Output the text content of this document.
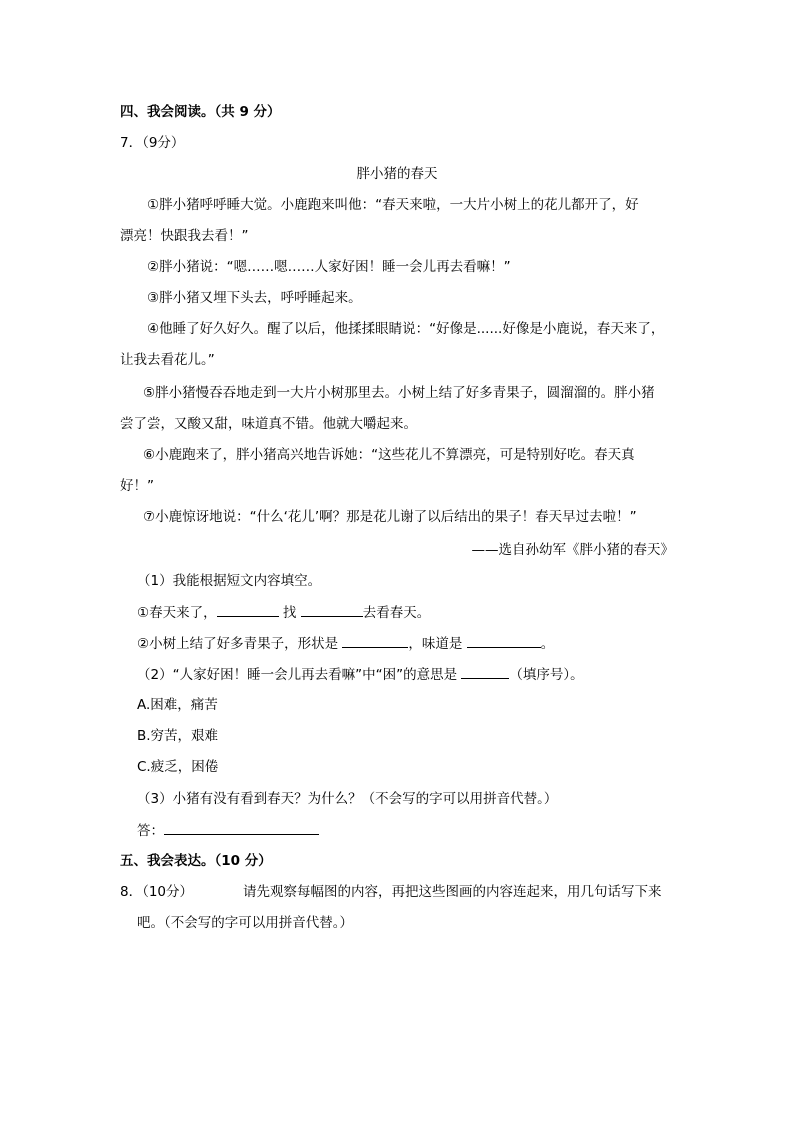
四、我会阅读。（共 9 分）
7．（9分）
胖小猪的春天
①胖小猪呼呼睡大觉。小鹿跑来叫他：“春天来啦，一大片小树上的花儿都开了，好
漂亮！快跟我去看！”
②胖小猪说：“嗯……嗯……人家好困！睡一会儿再去看嘛！”
③胖小猪又埋下头去，呼呼睡起来。
④他睡了好久好久。醒了以后，他揉揉眼睛说：“好像是......好像是小鹿说，春天来了，
让我去看花儿。”
⑤胖小猪慢吞吞地走到一大片小树那里去。小树上结了好多青果子，圆溜溜的。胖小猪
尝了尝，又酸又甜，味道真不错。他就大嚼起来。
⑥小鹿跑来了，胖小猪高兴地告诉她：“这些花儿不算漂亮，可是特别好吃。春天真
好！”
⑦小鹿惊讶地说：“什么‘花儿’啊？那是花儿谢了以后结出的果子！春天早过去啦！”
——选自孙幼军《胖小猪的春天》
（1）我能根据短文内容填空。
①春天来了，	找	去看春天。
②小树上结了好多青果子，形状是	，味道是	。
（2）“人家好困！睡一会儿再去看嘛”中“困”的意思是	（填序号）。
A.困难，痛苦
B.穷苦，艰难
C.疲乏，困倦
（3）小猪有没有看到春天？为什么？（不会写的字可以用拼音代替。）
答：
五、我会表达。（10 分）
8．（10分）	请先观察每幅图的内容，再把这些图画的内容连起来，用几句话写下来
吧。（不会写的字可以用拼音代替。）
